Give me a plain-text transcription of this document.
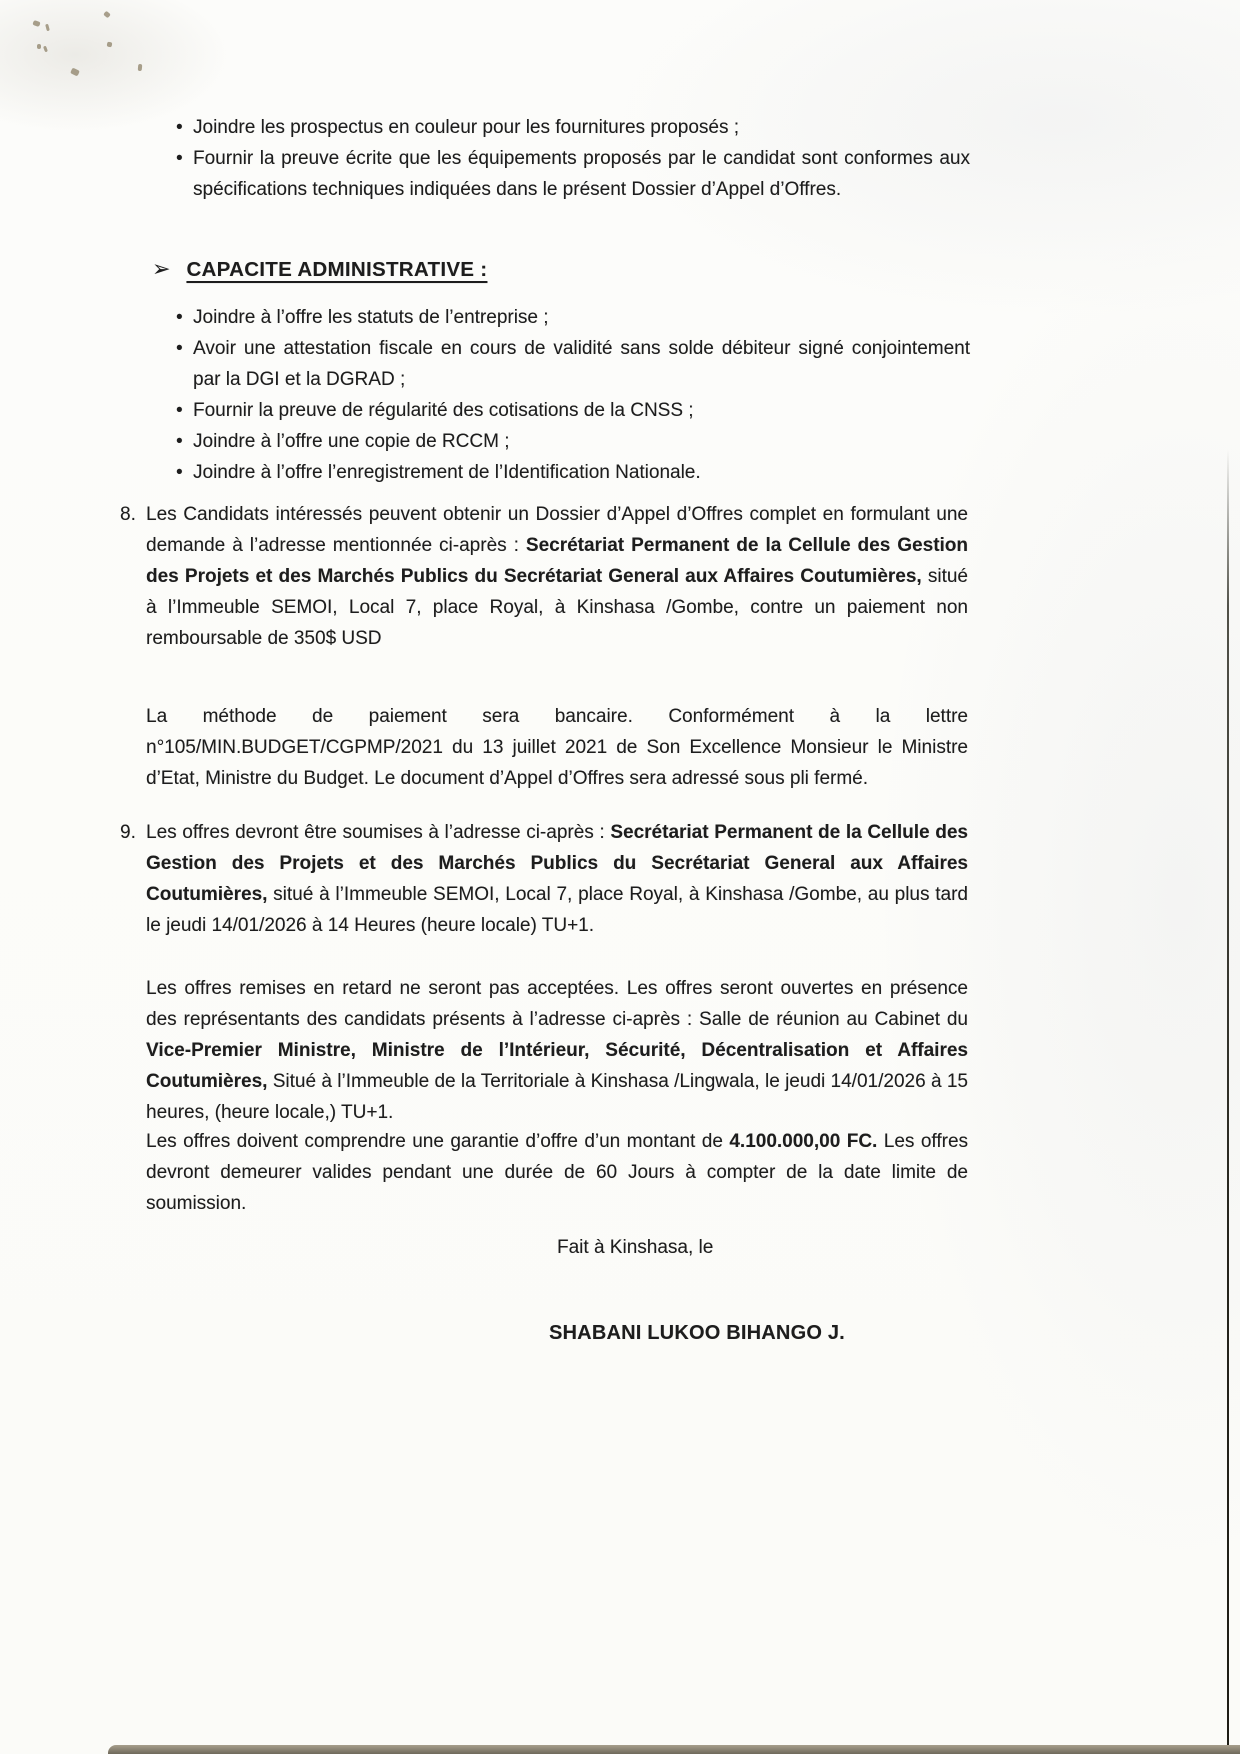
• Joindre les prospectus en couleur pour les fournitures proposés ;
• Fournir la preuve écrite que les équipements proposés par le candidat sont conformes aux spécifications techniques indiquées dans le présent Dossier d’Appel d’Offres.
➢ CAPACITE ADMINISTRATIVE :
• Joindre à l’offre les statuts de l’entreprise ;
• Avoir une attestation fiscale en cours de validité sans solde débiteur signé conjointement par la DGI et la DGRAD ;
• Fournir la preuve de régularité des cotisations de la CNSS ;
• Joindre à l’offre une copie de RCCM ;
• Joindre à l’offre l’enregistrement de l’Identification Nationale.
8. Les Candidats intéressés peuvent obtenir un Dossier d’Appel d’Offres complet en formulant une demande à l’adresse mentionnée ci-après : Secrétariat Permanent de la Cellule des Gestion des Projets et des Marchés Publics du Secrétariat General aux Affaires Coutumières, situé à l’Immeuble SEMOI, Local 7, place Royal, à Kinshasa /Gombe, contre un paiement non remboursable de 350$ USD
La méthode de paiement sera bancaire. Conformément à la lettre n°105/MIN.BUDGET/CGPMP/2021 du 13 juillet 2021 de Son Excellence Monsieur le Ministre d’Etat, Ministre du Budget. Le document d’Appel d’Offres sera adressé sous pli fermé.
9. Les offres devront être soumises à l’adresse ci-après : Secrétariat Permanent de la Cellule des Gestion des Projets et des Marchés Publics du Secrétariat General aux Affaires Coutumières, situé à l’Immeuble SEMOI, Local 7, place Royal, à Kinshasa /Gombe, au plus tard le jeudi 14/01/2026 à 14 Heures (heure locale) TU+1.
Les offres remises en retard ne seront pas acceptées. Les offres seront ouvertes en présence des représentants des candidats présents à l’adresse ci-après : Salle de réunion au Cabinet du Vice-Premier Ministre, Ministre de l’Intérieur, Sécurité, Décentralisation et Affaires Coutumières, Situé à l’Immeuble de la Territoriale à Kinshasa /Lingwala, le jeudi 14/01/2026 à 15 heures, (heure locale,) TU+1.
Les offres doivent comprendre une garantie d’offre d’un montant de 4.100.000,00 FC. Les offres devront demeurer valides pendant une durée de 60 Jours à compter de la date limite de soumission.
Fait à Kinshasa, le
SHABANI LUKOO BIHANGO J.
